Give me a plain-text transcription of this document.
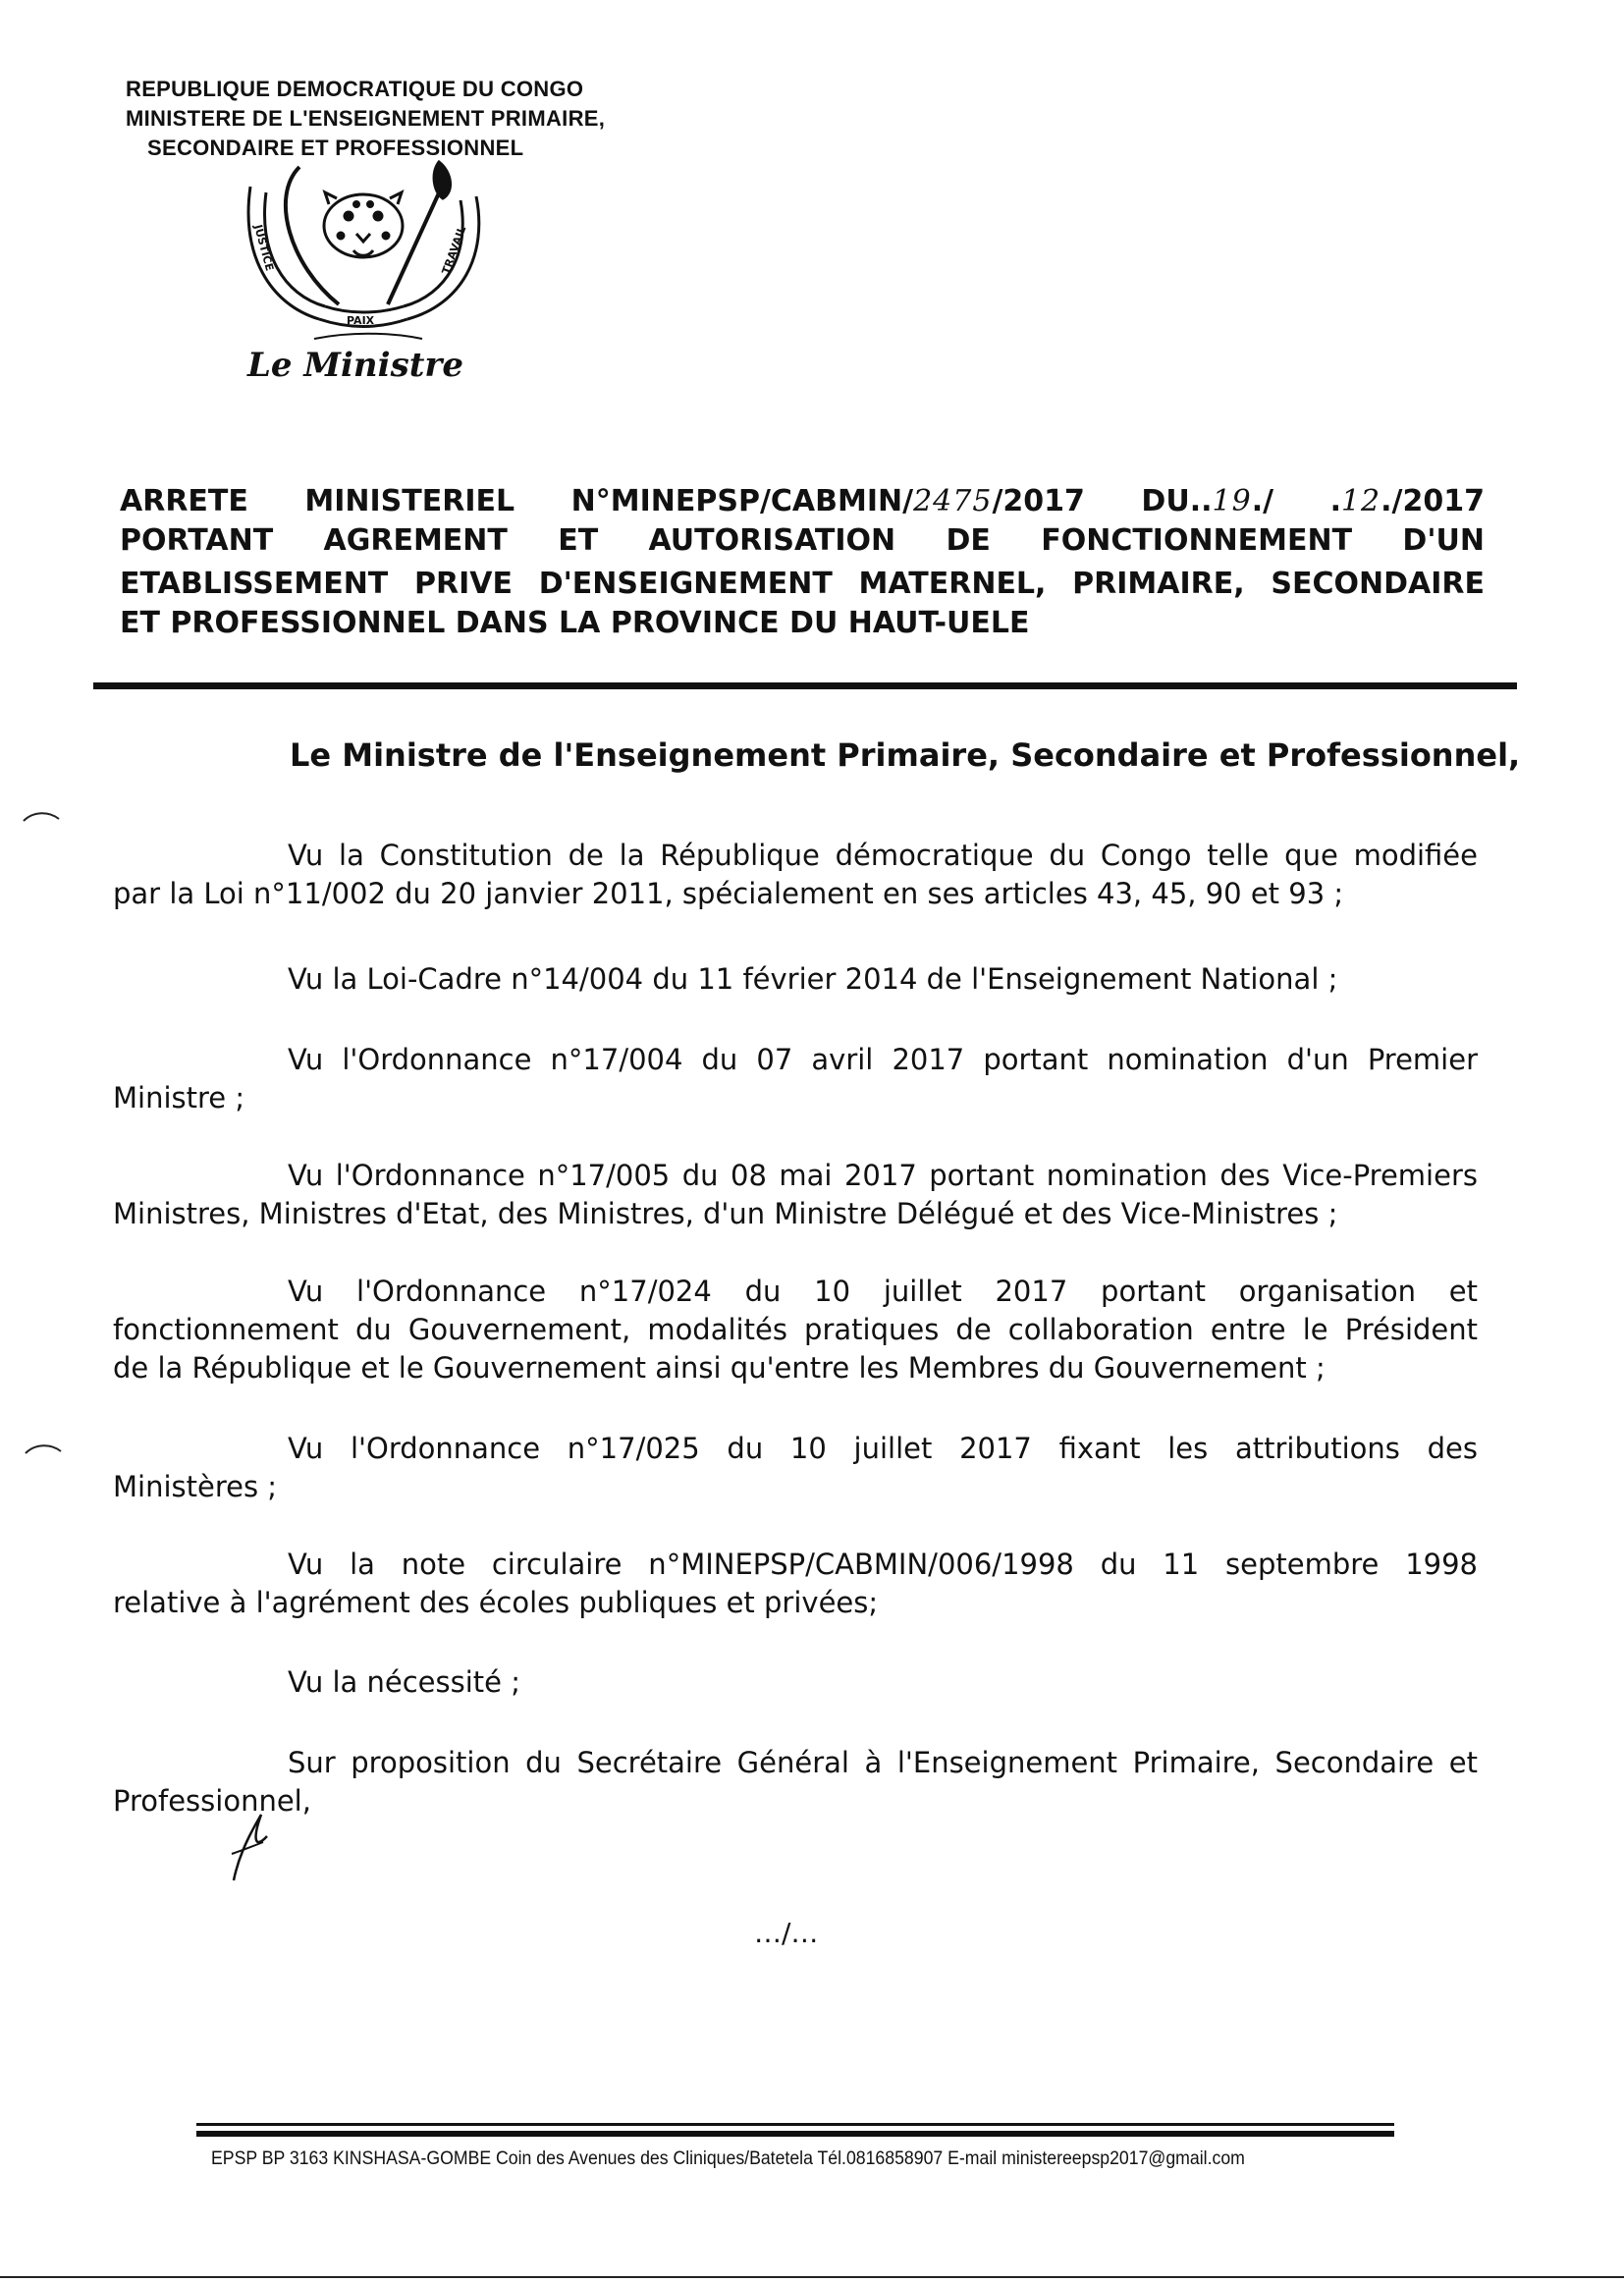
REPUBLIQUE DEMOCRATIQUE DU CONGO
MINISTERE DE L'ENSEIGNEMENT PRIMAIRE,
SECONDAIRE ET PROFESSIONNEL
JUSTICE
PAIX
TRAVAIL
Le Ministre
ARRETE MINISTERIEL N°MINEPSP/CABMIN/2475/2017 DU..19./ .12./2017
PORTANT AGREMENT ET AUTORISATION DE FONCTIONNEMENT D'UN
ETABLISSEMENT PRIVE D'ENSEIGNEMENT MATERNEL, PRIMAIRE, SECONDAIRE
ET PROFESSIONNEL DANS LA PROVINCE DU HAUT-UELE
Le Ministre de l'Enseignement Primaire, Secondaire et Professionnel,
Vu la Constitution de la République démocratique du Congo telle que modifiée
par la Loi n°11/002 du 20 janvier 2011, spécialement en ses articles 43, 45, 90 et 93 ;
Vu la Loi-Cadre n°14/004 du 11 février 2014 de l'Enseignement National ;
Vu l'Ordonnance n°17/004 du 07 avril 2017 portant nomination d'un Premier
Ministre ;
Vu l'Ordonnance n°17/005 du 08 mai 2017 portant nomination des Vice-Premiers
Ministres, Ministres d'Etat, des Ministres, d'un Ministre Délégué et des Vice-Ministres ;
Vu l'Ordonnance n°17/024 du 10 juillet 2017 portant organisation et
fonctionnement du Gouvernement, modalités pratiques de collaboration entre le Président
de la République et le Gouvernement ainsi qu'entre les Membres du Gouvernement ;
Vu l'Ordonnance n°17/025 du 10 juillet 2017 fixant les attributions des
Ministères ;
Vu la note circulaire n°MINEPSP/CABMIN/006/1998 du 11 septembre 1998
relative à l'agrément des écoles publiques et privées;
Vu la nécessité ;
Sur proposition du Secrétaire Général à l'Enseignement Primaire, Secondaire et
Professionnel,
…/…
EPSP BP 3163 KINSHASA-GOMBE Coin des Avenues des Cliniques/Batetela Tél.0816858907 E-mail ministereepsp2017@gmail.com
